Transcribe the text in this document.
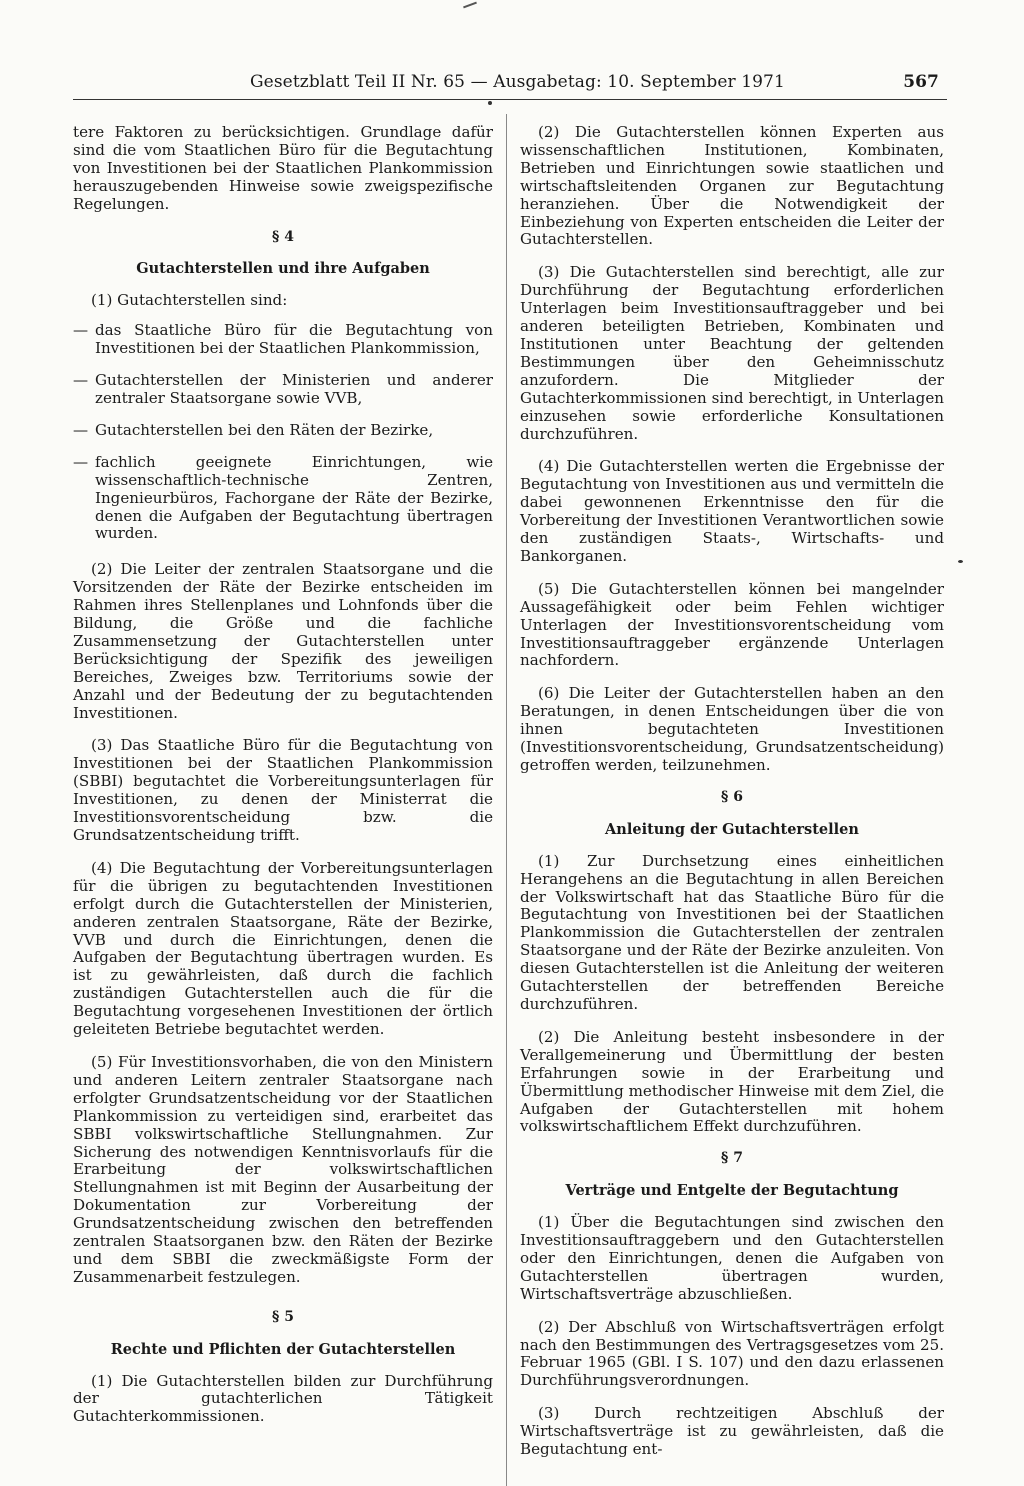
Gesetzblatt Teil II Nr. 65 — Ausgabetag: 10. September 1971	567

tere Faktoren zu berücksichtigen. Grundlage dafür sind die vom Staatlichen Büro für die Begutachtung von Investitionen bei der Staatlichen Plankommission herauszugebenden Hinweise sowie zweigspezifische Regelungen.

§ 4
Gutachterstellen und ihre Aufgaben

(1) Gutachterstellen sind:

— das Staatliche Büro für die Begutachtung von Investitionen bei der Staatlichen Plankommission,
— Gutachterstellen der Ministerien und anderer zentraler Staatsorgane sowie VVB,
— Gutachterstellen bei den Räten der Bezirke,
— fachlich geeignete Einrichtungen, wie wissenschaftlich-technische Zentren, Ingenieurbüros, Fachorgane der Räte der Bezirke, denen die Aufgaben der Begutachtung übertragen wurden.

(2) Die Leiter der zentralen Staatsorgane und die Vorsitzenden der Räte der Bezirke entscheiden im Rahmen ihres Stellenplanes und Lohnfonds über die Bildung, die Größe und die fachliche Zusammensetzung der Gutachterstellen unter Berücksichtigung der Spezifik des jeweiligen Bereiches, Zweiges bzw. Territoriums sowie der Anzahl und der Bedeutung der zu begutachtenden Investitionen.

(3) Das Staatliche Büro für die Begutachtung von Investitionen bei der Staatlichen Plankommission (SBBI) begutachtet die Vorbereitungsunterlagen für Investitionen, zu denen der Ministerrat die Investitionsvorentscheidung bzw. die Grundsatzentscheidung trifft.

(4) Die Begutachtung der Vorbereitungsunterlagen für die übrigen zu begutachtenden Investitionen erfolgt durch die Gutachterstellen der Ministerien, anderen zentralen Staatsorgane, Räte der Bezirke, VVB und durch die Einrichtungen, denen die Aufgaben der Begutachtung übertragen wurden. Es ist zu gewährleisten, daß durch die fachlich zuständigen Gutachterstellen auch die für die Begutachtung vorgesehenen Investitionen der örtlich geleiteten Betriebe begutachtet werden.

(5) Für Investitionsvorhaben, die von den Ministern und anderen Leitern zentraler Staatsorgane nach erfolgter Grundsatzentscheidung vor der Staatlichen Plankommission zu verteidigen sind, erarbeitet das SBBI volkswirtschaftliche Stellungnahmen. Zur Sicherung des notwendigen Kenntnisvorlaufs für die Erarbeitung der volkswirtschaftlichen Stellungnahmen ist mit Beginn der Ausarbeitung der Dokumentation zur Vorbereitung der Grundsatzentscheidung zwischen den betreffenden zentralen Staatsorganen bzw. den Räten der Bezirke und dem SBBI die zweckmäßigste Form der Zusammenarbeit festzulegen.

§ 5
Rechte und Pflichten der Gutachterstellen

(1) Die Gutachterstellen bilden zur Durchführung der gutachterlichen Tätigkeit Gutachterkommissionen.

(2) Die Gutachterstellen können Experten aus wissenschaftlichen Institutionen, Kombinaten, Betrieben und Einrichtungen sowie staatlichen und wirtschaftsleitenden Organen zur Begutachtung heranziehen. Über die Notwendigkeit der Einbeziehung von Experten entscheiden die Leiter der Gutachterstellen.

(3) Die Gutachterstellen sind berechtigt, alle zur Durchführung der Begutachtung erforderlichen Unterlagen beim Investitionsauftraggeber und bei anderen beteiligten Betrieben, Kombinaten und Institutionen unter Beachtung der geltenden Bestimmungen über den Geheimnisschutz anzufordern. Die Mitglieder der Gutachterkommissionen sind berechtigt, in Unterlagen einzusehen sowie erforderliche Konsultationen durchzuführen.

(4) Die Gutachterstellen werten die Ergebnisse der Begutachtung von Investitionen aus und vermitteln die dabei gewonnenen Erkenntnisse den für die Vorbereitung der Investitionen Verantwortlichen sowie den zuständigen Staats-, Wirtschafts- und Bankorganen.

(5) Die Gutachterstellen können bei mangelnder Aussagefähigkeit oder beim Fehlen wichtiger Unterlagen der Investitionsvorentscheidung vom Investitionsauftraggeber ergänzende Unterlagen nachfordern.

(6) Die Leiter der Gutachterstellen haben an den Beratungen, in denen Entscheidungen über die von ihnen begutachteten Investitionen (Investitionsvorentscheidung, Grundsatzentscheidung) getroffen werden, teilzunehmen.

§ 6
Anleitung der Gutachterstellen

(1) Zur Durchsetzung eines einheitlichen Herangehens an die Begutachtung in allen Bereichen der Volkswirtschaft hat das Staatliche Büro für die Begutachtung von Investitionen bei der Staatlichen Plankommission die Gutachterstellen der zentralen Staatsorgane und der Räte der Bezirke anzuleiten. Von diesen Gutachterstellen ist die Anleitung der weiteren Gutachterstellen der betreffenden Bereiche durchzuführen.

(2) Die Anleitung besteht insbesondere in der Verallgemeinerung und Übermittlung der besten Erfahrungen sowie in der Erarbeitung und Übermittlung methodischer Hinweise mit dem Ziel, die Aufgaben der Gutachterstellen mit hohem volkswirtschaftlichem Effekt durchzuführen.

§ 7
Verträge und Entgelte der Begutachtung

(1) Über die Begutachtungen sind zwischen den Investitionsauftraggebern und den Gutachterstellen oder den Einrichtungen, denen die Aufgaben von Gutachterstellen übertragen wurden, Wirtschaftsverträge abzuschließen.

(2) Der Abschluß von Wirtschaftsverträgen erfolgt nach den Bestimmungen des Vertragsgesetzes vom 25. Februar 1965 (GBl. I S. 107) und den dazu erlassenen Durchführungsverordnungen.

(3) Durch rechtzeitigen Abschluß der Wirtschaftsverträge ist zu gewährleisten, daß die Begutachtung ent-
